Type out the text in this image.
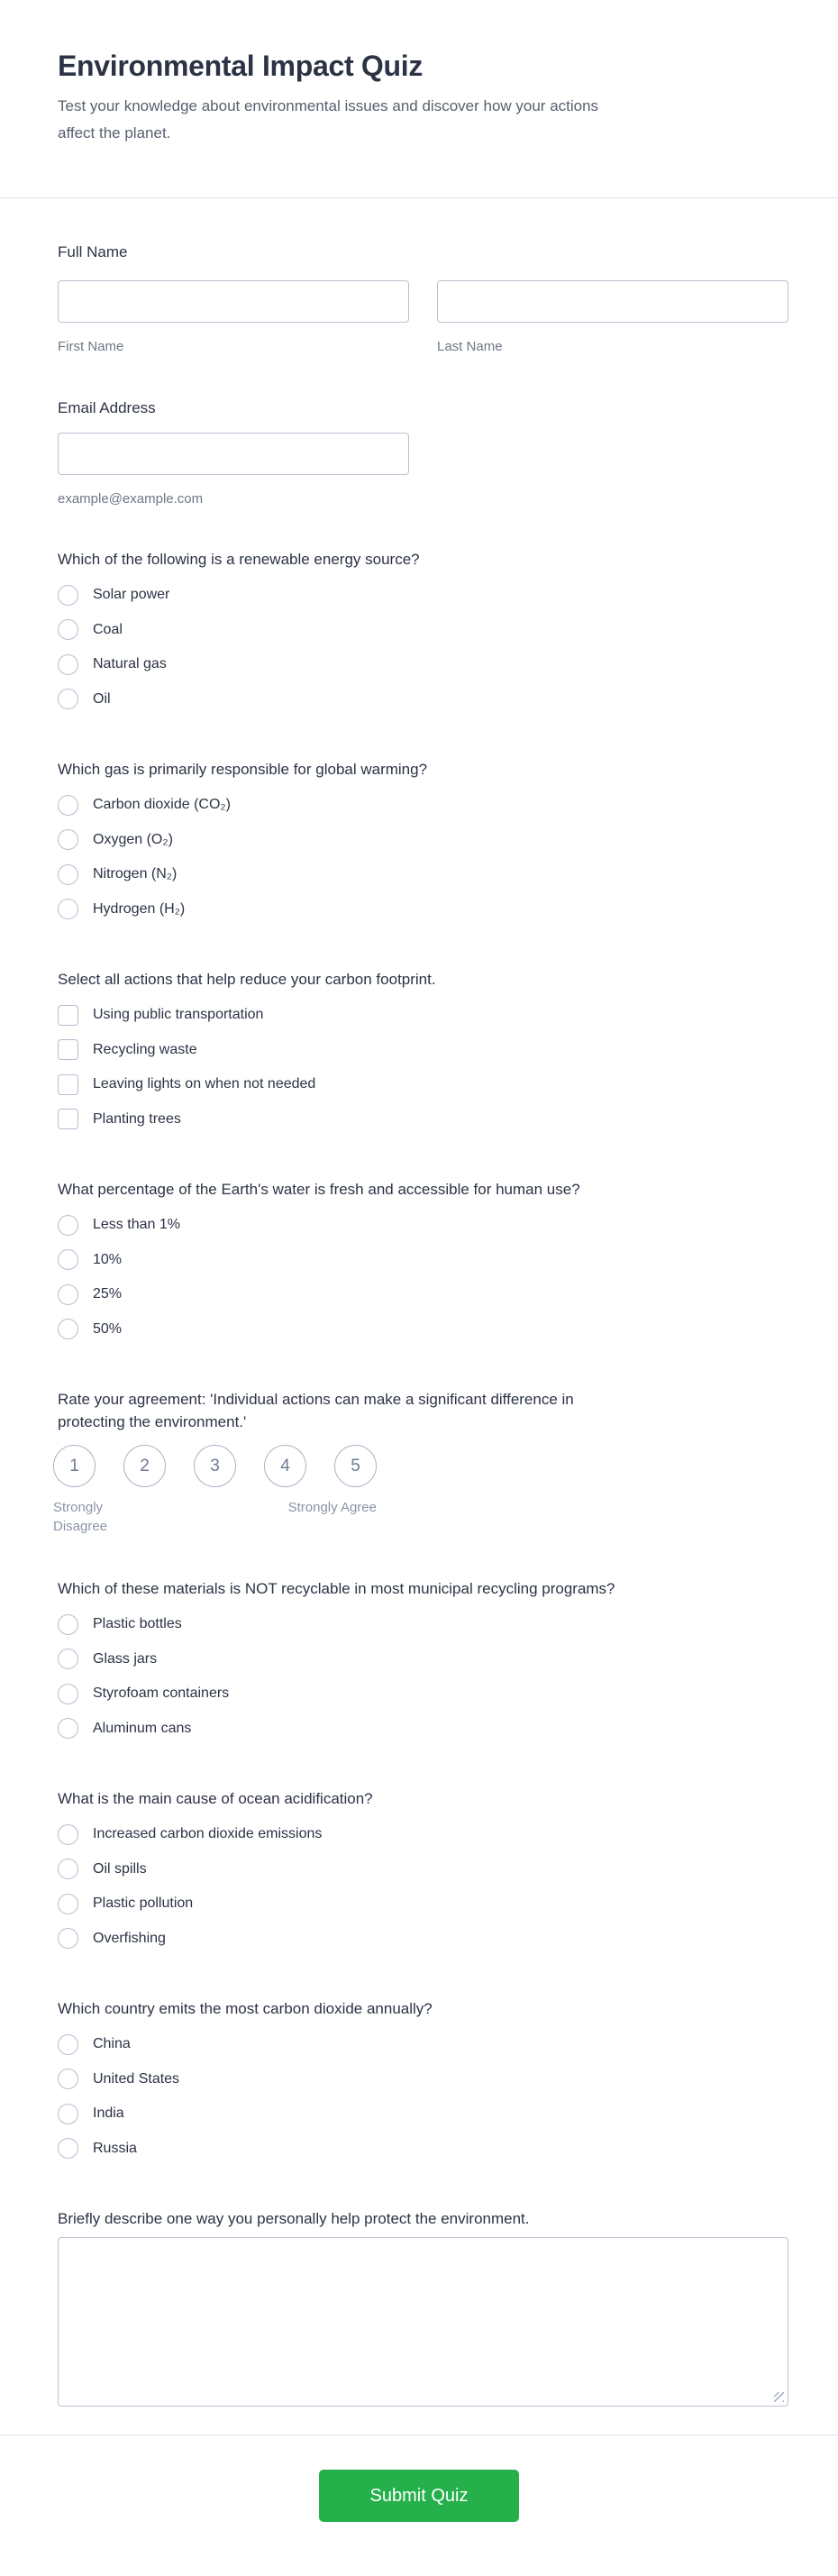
Environmental Impact Quiz

Test your knowledge about environmental issues and discover how your actions affect the planet.

Full Name
First Name	Last Name
Email Address
example@example.com
Which of the following is a renewable energy source?
Solar power
Coal
Natural gas
Oil
Which gas is primarily responsible for global warming?
Carbon dioxide (CO₂)
Oxygen (O₂)
Nitrogen (N₂)
Hydrogen (H₂)
Select all actions that help reduce your carbon footprint.
Using public transportation
Recycling waste
Leaving lights on when not needed
Planting trees
What percentage of the Earth's water is fresh and accessible for human use?
Less than 1%
10%
25%
50%
Rate your agreement: 'Individual actions can make a significant difference in protecting the environment.'
1	2	3	4	5
Strongly Disagree
Strongly Agree
Which of these materials is NOT recyclable in most municipal recycling programs?
Plastic bottles
Glass jars
Styrofoam containers
Aluminum cans
What is the main cause of ocean acidification?
Increased carbon dioxide emissions
Oil spills
Plastic pollution
Overfishing
Which country emits the most carbon dioxide annually?
China
United States
India
Russia
Briefly describe one way you personally help protect the environment.
Submit Quiz
